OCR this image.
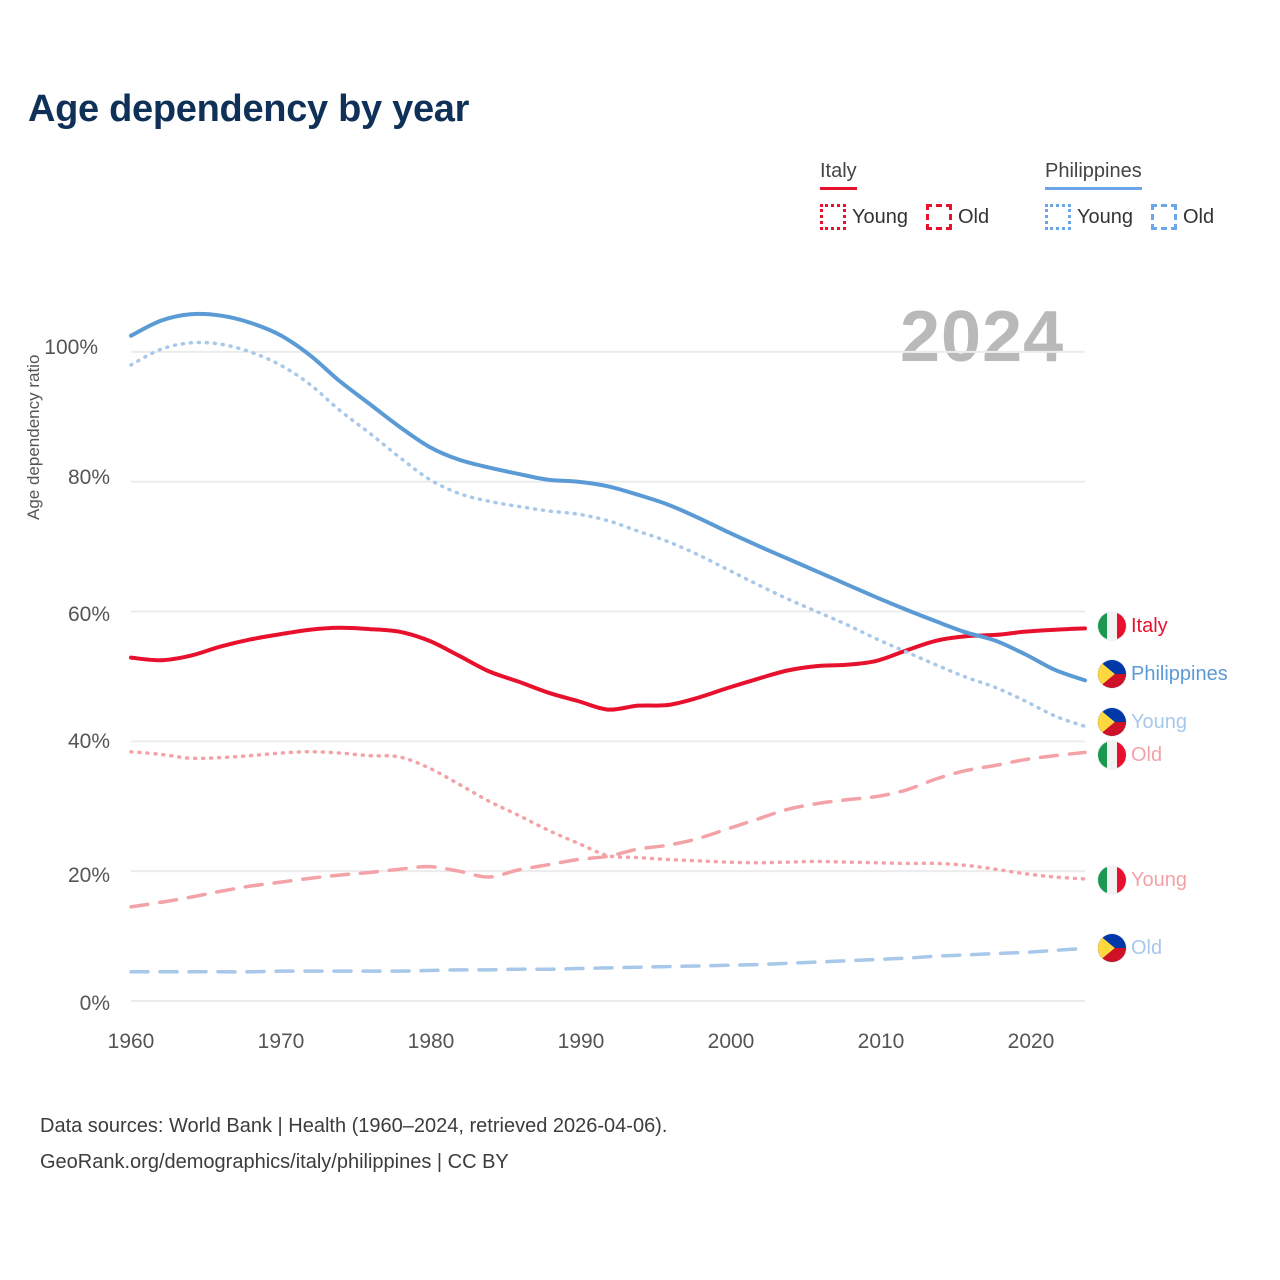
Age dependency by year
Italy
Young	Old
Philippines
Young	Old
2024
Age dependency ratio
0%
20%
40%
60%
80%
100%
1960	1970	1980	1990	2000	2010	2020
Italy
Philippines
Young
Old
Young
Old
Data sources: World Bank | Health (1960–2024, retrieved 2026-04-06).
GeoRank.org/demographics/italy/philippines | CC BY
